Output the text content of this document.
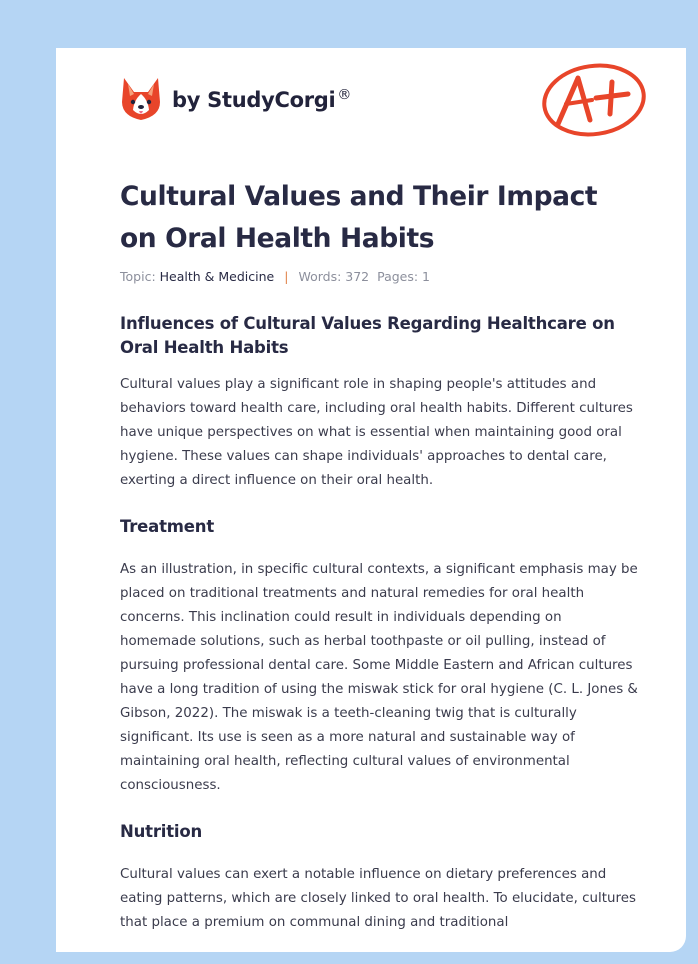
by StudyCorgi ®
Cultural Values and Their Impact on Oral Health Habits
Topic: Health & Medicine | Words: 372 Pages: 1
Influences of Cultural Values Regarding Healthcare on Oral Health Habits

Cultural values play a significant role in shaping people's attitudes and behaviors toward health care, including oral health habits. Different cultures have unique perspectives on what is essential when maintaining good oral hygiene. These values can shape individuals' approaches to dental care, exerting a direct influence on their oral health.

Treatment

As an illustration, in specific cultural contexts, a significant emphasis may be placed on traditional treatments and natural remedies for oral health concerns. This inclination could result in individuals depending on homemade solutions, such as herbal toothpaste or oil pulling, instead of pursuing professional dental care. Some Middle Eastern and African cultures have a long tradition of using the miswak stick for oral hygiene (C. L. Jones & Gibson, 2022). The miswak is a teeth-cleaning twig that is culturally significant. Its use is seen as a more natural and sustainable way of maintaining oral health, reflecting cultural values of environmental consciousness.

Nutrition

Cultural values can exert a notable influence on dietary preferences and eating patterns, which are closely linked to oral health. To elucidate, cultures that place a premium on communal dining and traditional
